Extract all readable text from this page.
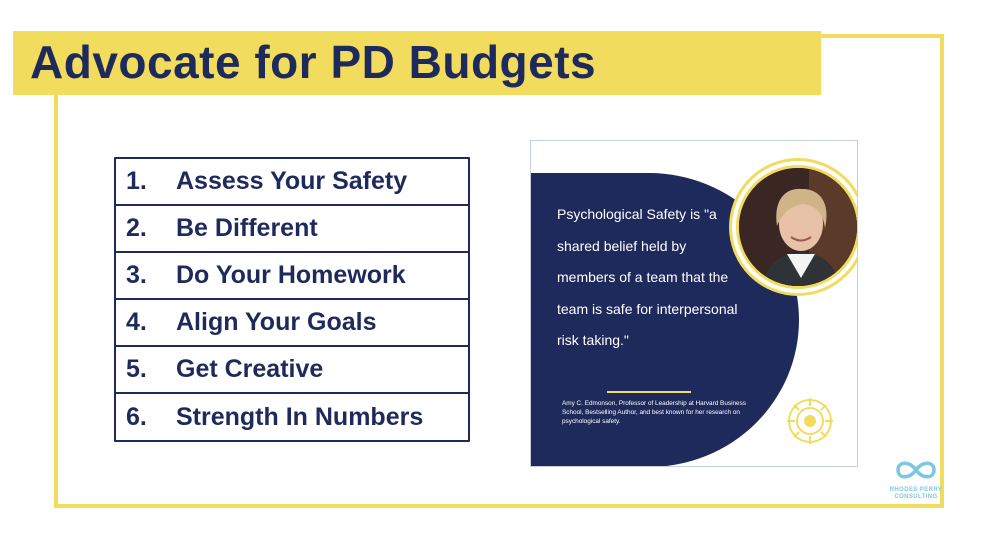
Advocate for PD Budgets
1.	Assess Your Safety
2.	Be Different
3.	Do Your Homework
4.	Align Your Goals
5.	Get Creative
6.	Strength In Numbers
Psychological Safety is "a shared belief held by members of a team that the team is safe for interpersonal risk taking."
Amy C. Edmonson, Professor of Leadership at Harvard Business School, Bestselling Author, and best known for her research on psychological safety.
RHODES PERRY
CONSULTING
